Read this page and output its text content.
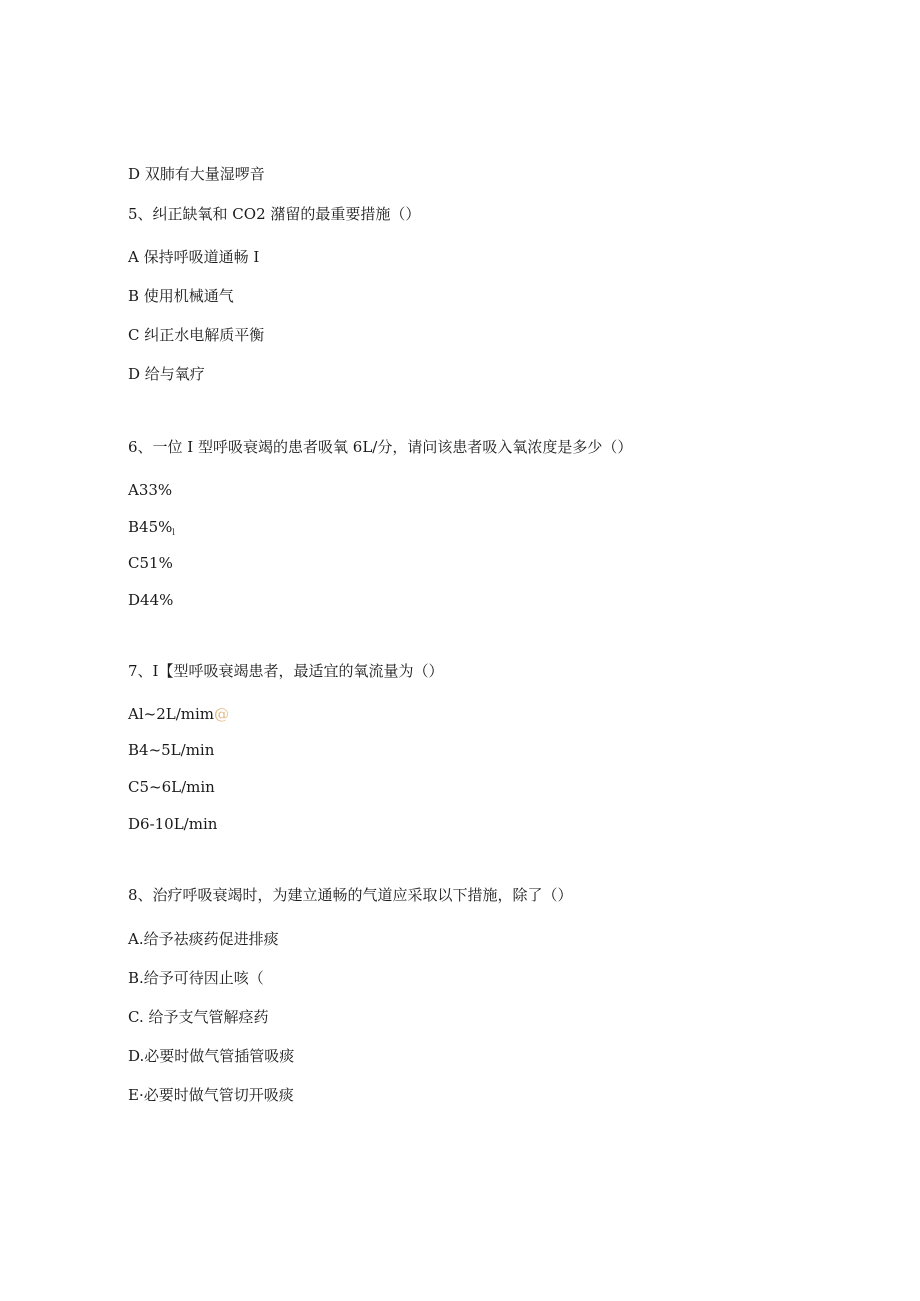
D 双肺有大量湿啰音

5、纠正缺氧和 CO2 潴留的最重要措施（）

A 保持呼吸道通畅 I

B 使用机械通气

C 纠正水电解质平衡

D 给与氧疗

6、一位 I 型呼吸衰竭的患者吸氧 6L/分，请问该患者吸入氧浓度是多少（）

A33%

$B45\%_l$

C51%

D44%

7、I【型呼吸衰竭患者，最适宜的氧流量为（）

Al~2L∕mim@

B4~5L/min

C5~6L/min

D6-10L/min

8、治疗呼吸衰竭时，为建立通畅的气道应采取以下措施，除了（）

A.给予祛痰药促进排痰

B.给予可待因止咳（

C. 给予支气管解痉药

D.必要时做气管插管吸痰

E·必要时做气管切开吸痰
